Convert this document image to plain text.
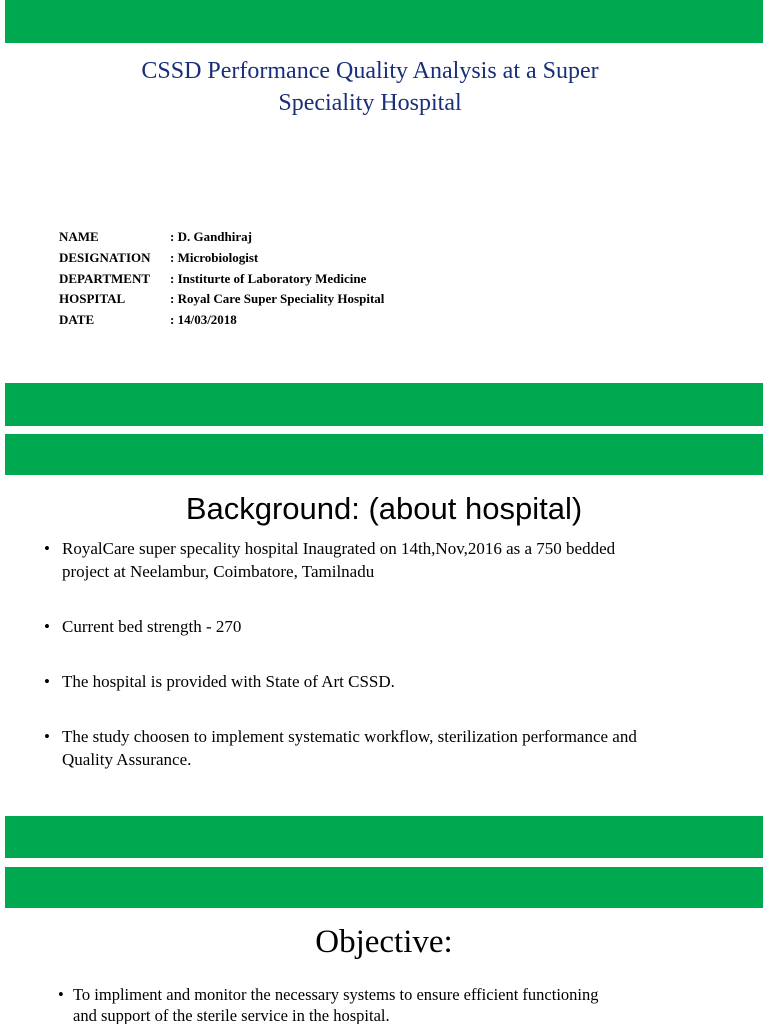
CSSD Performance Quality Analysis at a Super
Speciality Hospital
NAME	: D. Gandhiraj
DESIGNATION	: Microbiologist
DEPARTMENT	: Institurte of Laboratory Medicine
HOSPITAL	: Royal Care Super Speciality Hospital
DATE	: 14/03/2018
Background: (about hospital)
• RoyalCare super specality hospital Inaugrated on 14th,Nov,2016 as a 750 bedded
project at Neelambur, Coimbatore, Tamilnadu
• Current bed strength - 270
• The hospital is provided with State of Art CSSD.
• The study choosen to implement systematic workflow, sterilization performance and
Quality Assurance.
Objective:
• To impliment and monitor the necessary systems to ensure efficient functioning
and support of the sterile service in the hospital.
